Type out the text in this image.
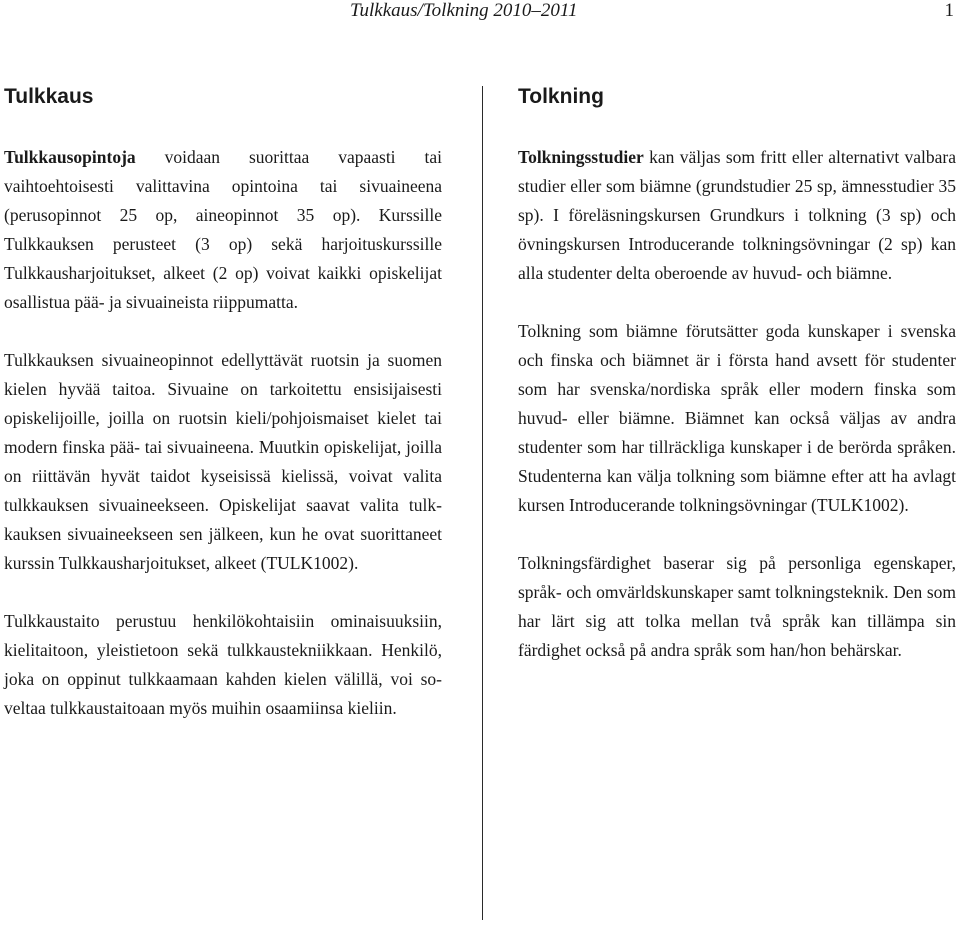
Tulkkaus/Tolkning 2010–2011	1
Tulkkaus

Tulkkausopintoja voidaan suorittaa vapaasti tai vaihtoehtoisesti valittavina opintoina tai sivuaineena (perusopinnot 25 op, aineopinnot 35 op). Kurssille Tulkkauksen perusteet (3 op) sekä harjoituskurssille Tulkkausharjoitukset, alkeet (2 op) voivat kaikki opiskelijat osallistua pää- ja sivuaineista riippumatta.

Tulkkauksen sivuaineopinnot edellyttävät ruotsin ja suomen kielen hyvää taitoa. Sivuaine on tarkoitettu ensisijaisesti opiskelijoille, joilla on ruotsin kieli/pohjoismaiset kielet tai modern finska pää- tai sivuaineena. Muutkin opiskelijat, joilla on riittävän hyvät taidot kyseisissä kielissä, voivat valita tulkkauksen sivuaineekseen. Opiskelijat saavat valita tulkkauksen sivuaineekseen sen jälkeen, kun he ovat suorittaneet kurssin Tulkkausharjoitukset, alkeet (TULK1002).

Tulkkaustaito perustuu henkilökohtaisiin ominaisuuksiin, kielitaitoon, yleistietoon sekä tulkkaustekniikkaan. Henkilö, joka on oppinut tulkkaamaan kahden kielen välillä, voi soveltaa tulkkaustaitoaan myös muihin osaamiinsa kieliin.

Tolkning

Tolkningsstudier kan väljas som fritt eller alternativt valbara studier eller som biämne (grundstudier 25 sp, ämnesstudier 35 sp). I föreläsningskursen Grundkurs i tolkning (3 sp) och övningskursen Introducerande tolkningsövningar (2 sp) kan alla studenter delta oberoende av huvud- och biämne.

Tolkning som biämne förutsätter goda kunskaper i svenska och finska och biämnet är i första hand avsett för studenter som har svenska/nordiska språk eller modern finska som huvud- eller biämne. Biämnet kan också väljas av andra studenter som har tillräckliga kunskaper i de berörda språken. Studenterna kan välja tolkning som biämne efter att ha avlagt kursen Introducerande tolkningsövningar (TULK1002).

Tolkningsfärdighet baserar sig på personliga egenskaper, språk- och omvärldskunskaper samt tolkningsteknik. Den som har lärt sig att tolka mellan två språk kan tillämpa sin färdighet också på andra språk som han/hon behärskar.
